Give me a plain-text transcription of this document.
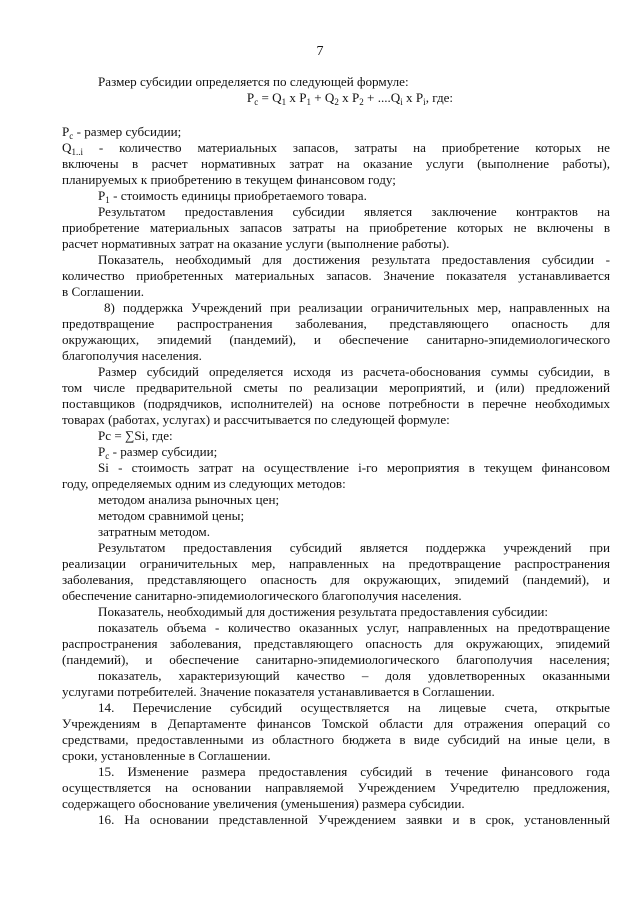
7
Размер субсидии определяется по следующей формуле:
$P_c = Q_1$ x $P_1 + Q_2$ x $P_2 + ....Q_i$ x $P_i$, где:
$P_c$ - размер субсидии;
$Q_{1..i}$ - количество материальных запасов, затраты на приобретение которых не
включены в расчет нормативных затрат на оказание услуги (выполнение работы),
планируемых к приобретению в текущем финансовом году;
$P_1$ - стоимость единицы приобретаемого товара.
Результатом предоставления субсидии является заключение контрактов на
приобретение материальных запасов затраты на приобретение которых не включены в
расчет нормативных затрат на оказание услуги (выполнение работы).
Показатель, необходимый для достижения результата предоставления субсидии -
количество приобретенных материальных запасов. Значение показателя устанавливается
в Соглашении.
8) поддержка Учреждений при реализации ограничительных мер, направленных на
предотвращение распространения заболевания, представляющего опасность для
окружающих, эпидемий (пандемий), и обеспечение санитарно-эпидемиологического
благополучия населения.
Размер субсидий определяется исходя из расчета-обоснования суммы субсидии, в
том числе предварительной сметы по реализации мероприятий, и (или) предложений
поставщиков (подрядчиков, исполнителей) на основе потребности в перечне необходимых
товарах (работах, услугах) и рассчитывается по следующей формуле:
Pc = ∑Si, где:
$P_c$ - размер субсидии;
Si - стоимость затрат на осуществление i-го мероприятия в текущем финансовом
году, определяемых одним из следующих методов:
методом анализа рыночных цен;
методом сравнимой цены;
затратным методом.
Результатом предоставления субсидий является поддержка учреждений при
реализации ограничительных мер, направленных на предотвращение распространения
заболевания, представляющего опасность для окружающих, эпидемий (пандемий), и
обеспечение санитарно-эпидемиологического благополучия населения.
Показатель, необходимый для достижения результата предоставления субсидии:
показатель объема - количество оказанных услуг, направленных на предотвращение
распространения заболевания, представляющего опасность для окружающих, эпидемий
(пандемий), и обеспечение санитарно-эпидемиологического благополучия населения;
показатель, характеризующий качество – доля удовлетворенных оказанными
услугами потребителей. Значение показателя устанавливается в Соглашении.
14. Перечисление субсидий осуществляется на лицевые счета, открытые
Учреждениям в Департаменте финансов Томской области для отражения операций со
средствами, предоставленными из областного бюджета в виде субсидий на иные цели, в
сроки, установленные в Соглашении.
15. Изменение размера предоставления субсидий в течение финансового года
осуществляется на основании направляемой Учреждением Учредителю предложения,
содержащего обоснование увеличения (уменьшения) размера субсидии.
16. На основании представленной Учреждением заявки и в срок, установленный
